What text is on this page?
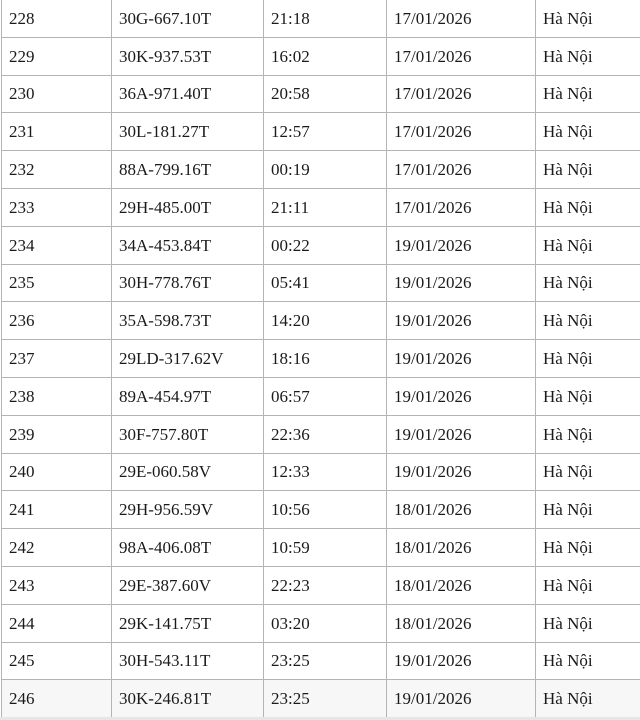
228	30G-667.10T	21:18	17/01/2026	Hà Nội
229	30K-937.53T	16:02	17/01/2026	Hà Nội
230	36A-971.40T	20:58	17/01/2026	Hà Nội
231	30L-181.27T	12:57	17/01/2026	Hà Nội
232	88A-799.16T	00:19	17/01/2026	Hà Nội
233	29H-485.00T	21:11	17/01/2026	Hà Nội
234	34A-453.84T	00:22	19/01/2026	Hà Nội
235	30H-778.76T	05:41	19/01/2026	Hà Nội
236	35A-598.73T	14:20	19/01/2026	Hà Nội
237	29LD-317.62V	18:16	19/01/2026	Hà Nội
238	89A-454.97T	06:57	19/01/2026	Hà Nội
239	30F-757.80T	22:36	19/01/2026	Hà Nội
240	29E-060.58V	12:33	19/01/2026	Hà Nội
241	29H-956.59V	10:56	18/01/2026	Hà Nội
242	98A-406.08T	10:59	18/01/2026	Hà Nội
243	29E-387.60V	22:23	18/01/2026	Hà Nội
244	29K-141.75T	03:20	18/01/2026	Hà Nội
245	30H-543.11T	23:25	19/01/2026	Hà Nội
246	30K-246.81T	23:25	19/01/2026	Hà Nội
